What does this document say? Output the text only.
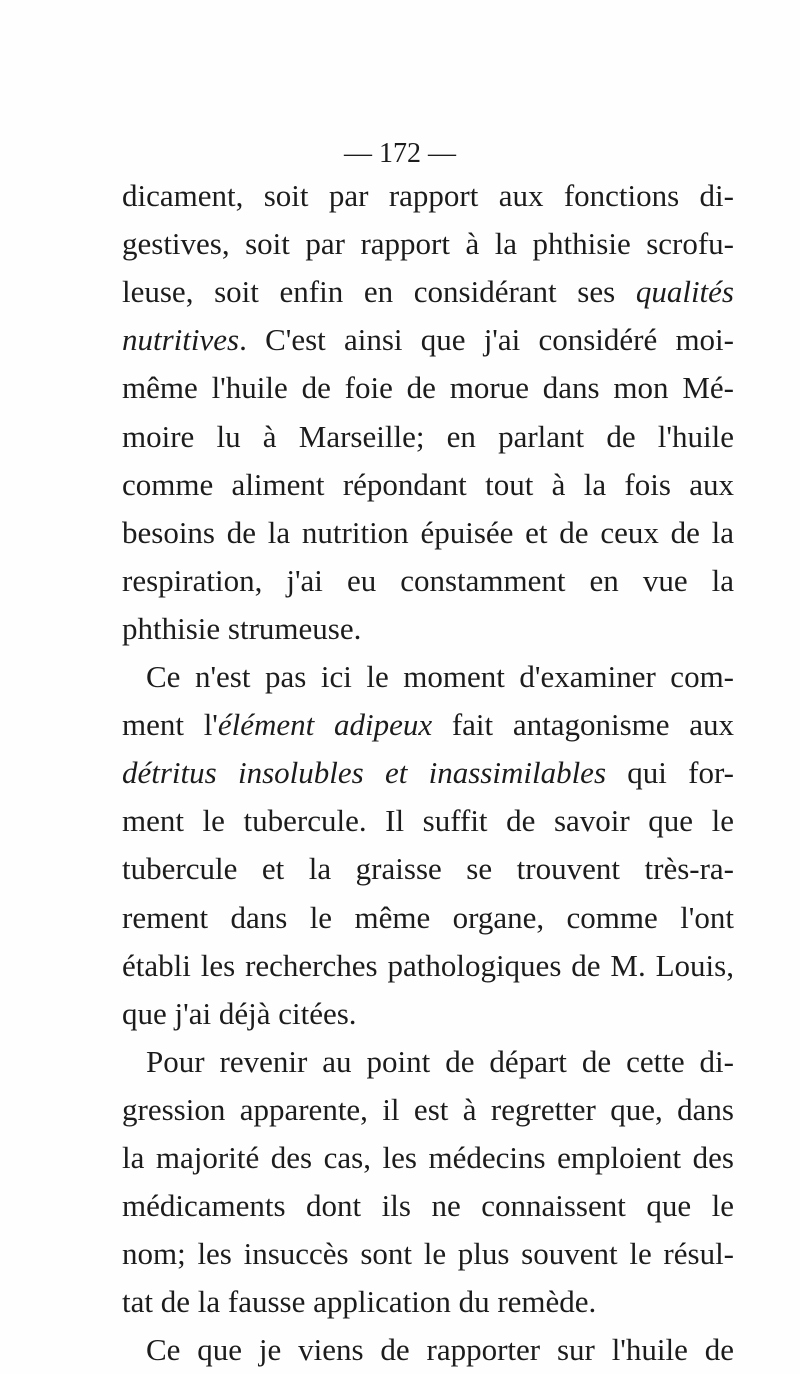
— 172 —
dicament, soit par rapport aux fonctions di-
gestives, soit par rapport à la phthisie scrofu-
leuse, soit enfin en considérant ses qualités
nutritives. C'est ainsi que j'ai considéré moi-
même l'huile de foie de morue dans mon Mé-
moire lu à Marseille; en parlant de l'huile
comme aliment répondant tout à la fois aux
besoins de la nutrition épuisée et de ceux de la
respiration, j'ai eu constamment en vue la
phthisie strumeuse.
Ce n'est pas ici le moment d'examiner com-
ment l'élément adipeux fait antagonisme aux
détritus insolubles et inassimilables qui for-
ment le tubercule. Il suffit de savoir que le
tubercule et la graisse se trouvent très-ra-
rement dans le même organe, comme l'ont
établi les recherches pathologiques de M. Louis,
que j'ai déjà citées.
Pour revenir au point de départ de cette di-
gression apparente, il est à regretter que, dans
la majorité des cas, les médecins emploient des
médicaments dont ils ne connaissent que le
nom; les insuccès sont le plus souvent le résul-
tat de la fausse application du remède.
Ce que je viens de rapporter sur l'huile de
